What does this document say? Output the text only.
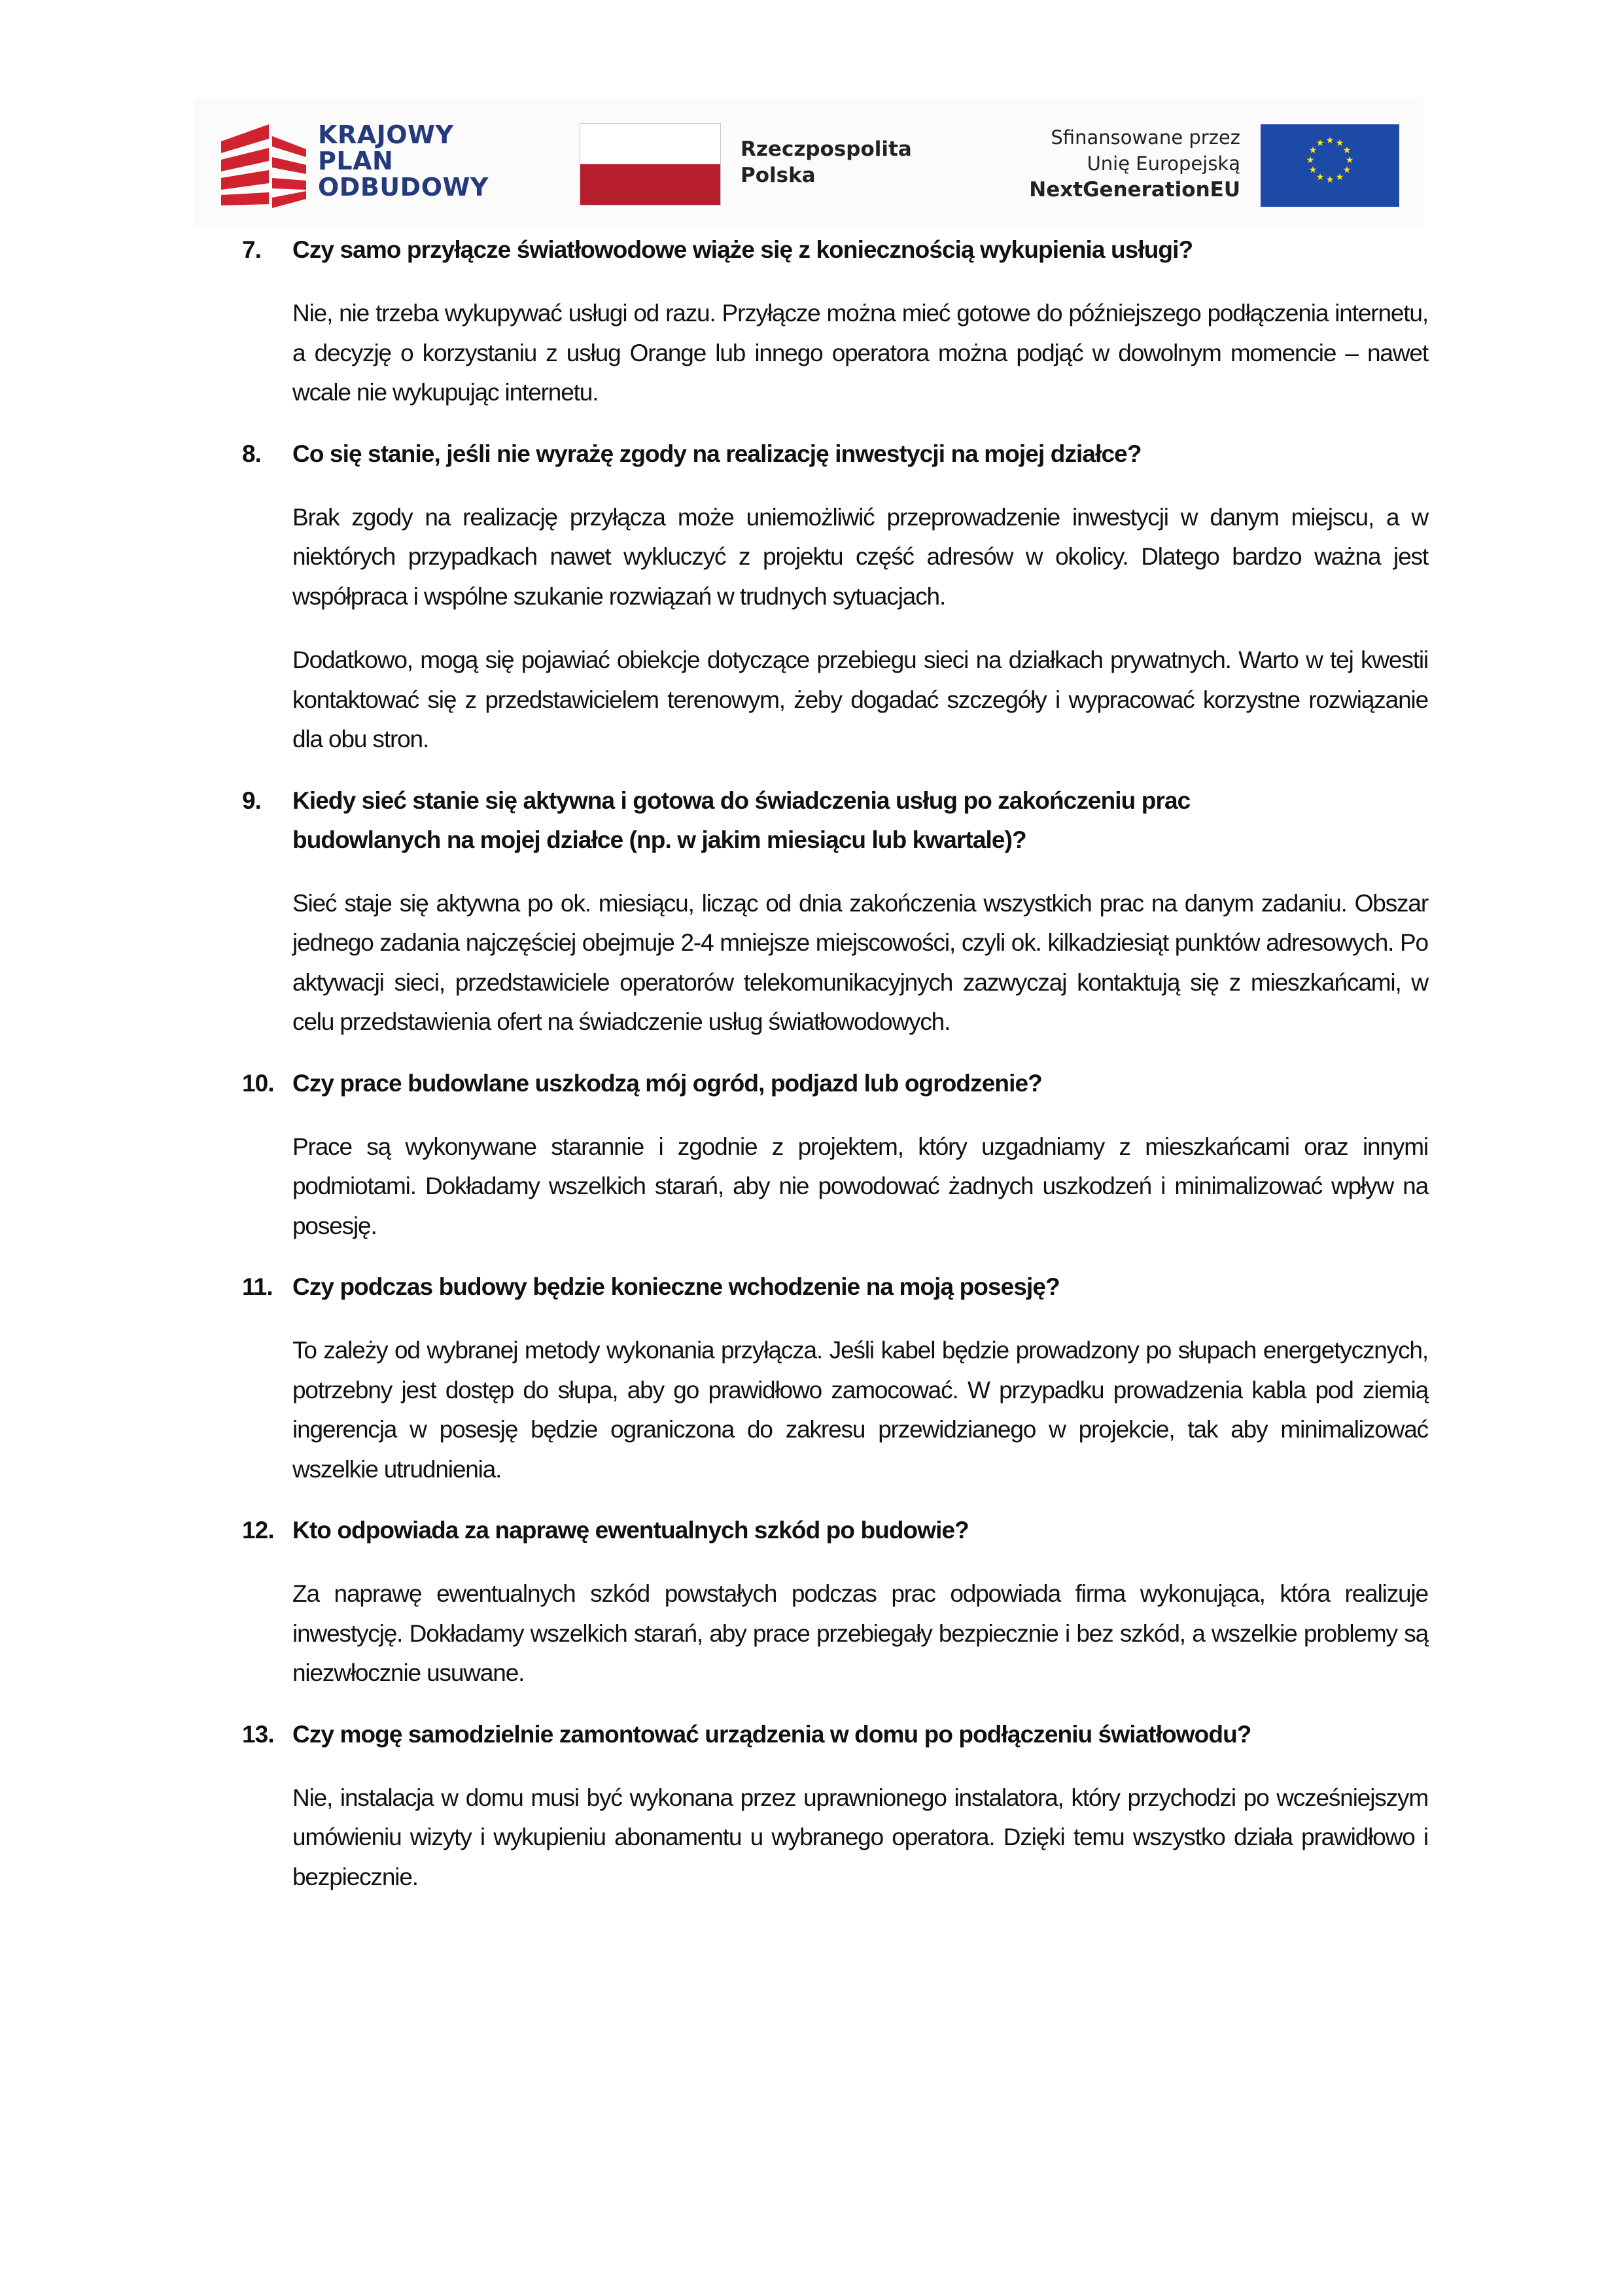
KRAJOWY
PLAN
ODBUDOWY
Rzeczpospolita
Polska
Sfinansowane przez
Unię Europejską
NextGenerationEU
★ ★
★
★
★
★
★
★
★
★
★
★
7.	Czy samo przyłącze światłowodowe wiąże się z koniecznością wykupienia usługi?

Nie, nie trzeba wykupywać usługi od razu. Przyłącze można mieć gotowe do późniejszego podłączenia internetu, a decyzję o korzystaniu z usług Orange lub innego operatora można podjąć w dowolnym momencie – nawet wcale nie wykupując internetu.

8.	Co się stanie, jeśli nie wyrażę zgody na realizację inwestycji na mojej działce?

Brak zgody na realizację przyłącza może uniemożliwić przeprowadzenie inwestycji w danym miejscu, a w niektórych przypadkach nawet wykluczyć z projektu część adresów w okolicy. Dlatego bardzo ważna jest współpraca i wspólne szukanie rozwiązań w trudnych sytuacjach.

Dodatkowo, mogą się pojawiać obiekcje dotyczące przebiegu sieci na działkach prywatnych. Warto w tej kwestii kontaktować się z przedstawicielem terenowym, żeby dogadać szczegóły i wypracować korzystne rozwiązanie dla obu stron.

9.	Kiedy sieć stanie się aktywna i gotowa do świadczenia usług po zakończeniu prac budowlanych na mojej działce (np. w jakim miesiącu lub kwartale)?

Sieć staje się aktywna po ok. miesiącu, licząc od dnia zakończenia wszystkich prac na danym zadaniu. Obszar jednego zadania najczęściej obejmuje 2-4 mniejsze miejscowości, czyli ok. kilkadziesiąt punktów adresowych. Po aktywacji sieci, przedstawiciele operatorów telekomunikacyjnych zazwyczaj kontaktują się z mieszkańcami, w celu przedstawienia ofert na świadczenie usług światłowodowych.

10. Czy prace budowlane uszkodzą mój ogród, podjazd lub ogrodzenie?

Prace są wykonywane starannie i zgodnie z projektem, który uzgadniamy z mieszkańcami oraz innymi podmiotami. Dokładamy wszelkich starań, aby nie powodować żadnych uszkodzeń i minimalizować wpływ na posesję.

11. Czy podczas budowy będzie konieczne wchodzenie na moją posesję?

To zależy od wybranej metody wykonania przyłącza. Jeśli kabel będzie prowadzony po słupach energetycznych, potrzebny jest dostęp do słupa, aby go prawidłowo zamocować. W przypadku prowadzenia kabla pod ziemią ingerencja w posesję będzie ograniczona do zakresu przewidzianego w projekcie, tak aby minimalizować wszelkie utrudnienia.

12. Kto odpowiada za naprawę ewentualnych szkód po budowie?

Za naprawę ewentualnych szkód powstałych podczas prac odpowiada firma wykonująca, która realizuje inwestycję. Dokładamy wszelkich starań, aby prace przebiegały bezpiecznie i bez szkód, a wszelkie problemy są niezwłocznie usuwane.

13. Czy mogę samodzielnie zamontować urządzenia w domu po podłączeniu światłowodu?

Nie, instalacja w domu musi być wykonana przez uprawnionego instalatora, który przychodzi po wcześniejszym umówieniu wizyty i wykupieniu abonamentu u wybranego operatora. Dzięki temu wszystko działa prawidłowo i bezpiecznie.
